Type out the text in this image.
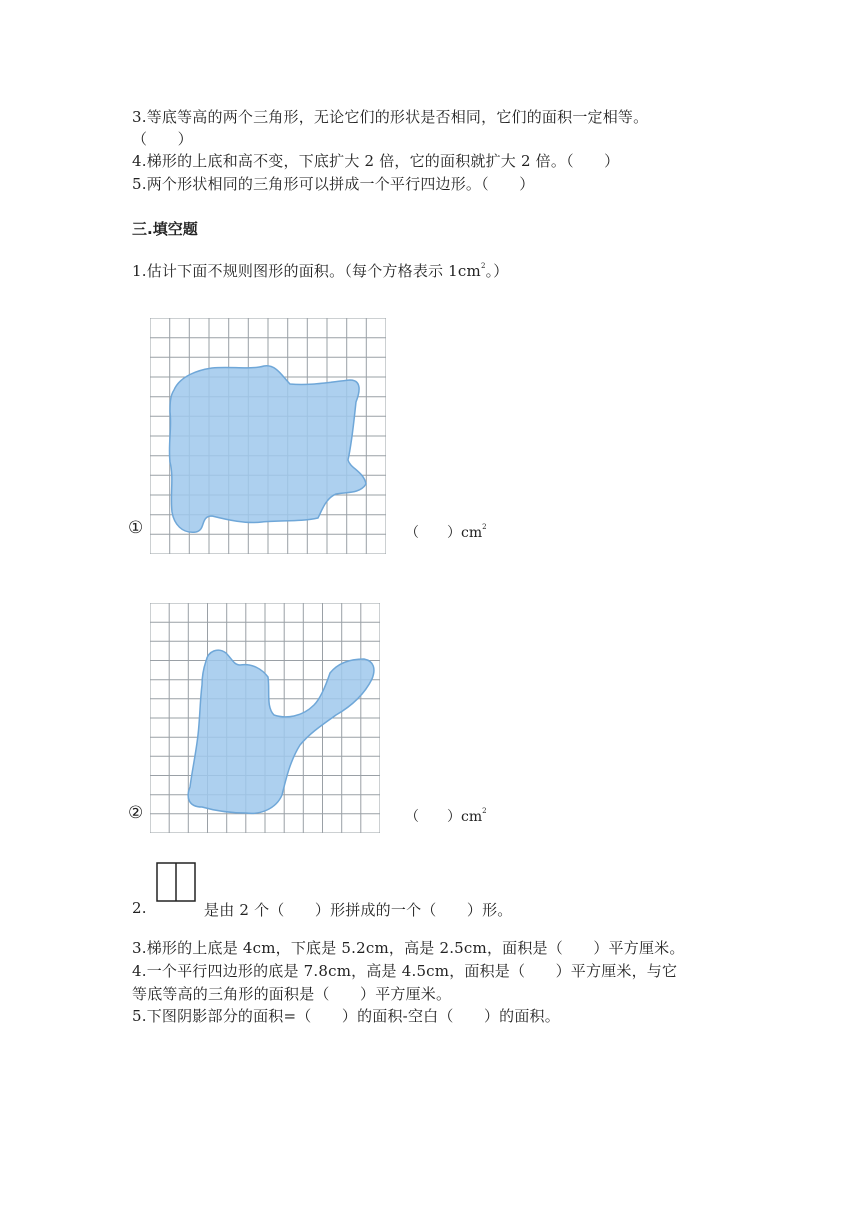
3.等底等高的两个三角形，无论它们的形状是否相同，它们的面积一定相等。
（　　）
4.梯形的上底和高不变，下底扩大 2 倍，它的面积就扩大 2 倍。（　　）
5.两个形状相同的三角形可以拼成一个平行四边形。（　　）
三.填空题
1.估计下面不规则图形的面积。（每个方格表示 $1cm^2$。）
①	（　　）$cm^2$
②	（　　）$cm^2$
2.	是由 2 个（　　）形拼成的一个（　　）形。
3.梯形的上底是 4cm，下底是 5.2cm，高是 2.5cm，面积是（　　）平方厘米。
4.一个平行四边形的底是 7.8cm，高是 4.5cm，面积是（　　）平方厘米，与它
等底等高的三角形的面积是（　　）平方厘米。
5.下图阴影部分的面积=（　　）的面积-空白（　　）的面积。
